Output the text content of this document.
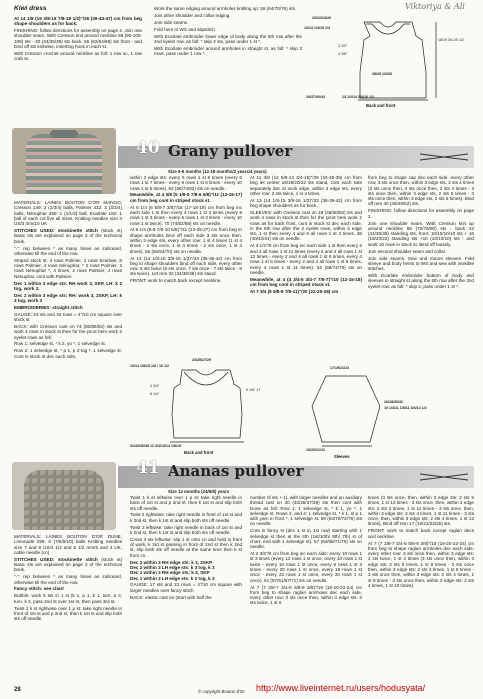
Kiwi dress	Viktoriya & Ali

At 14 1/8 (15 3/8-16 7/8-18 1/2)"/36 (39-43-47) cm from beg shape shoulders as for back.

FINISHING: follow directions for assembly on page 2. Join one shoulder seam. With Cresson knit around neckline 86 (90-100-108) sts - 30 (34/36/38) sts back, 56 (62/64/68) sts front - and bind off sts knitwise, inserting hook in each st.

With Cresson crochet around neckline as foll: 1 row sc, 1 row crab st.

Work the same edging around armholes knitting up: 58 (64/70/76) sts.

Join other shoulder and collar edging.

Join side seams.

Fold hem to WS and slipstitch.

With Ecarlate embroider lower edge of body along the 5th row after the 2nd eyelet row, as foll: * skip 2 sts, pass under 1 st *.

With Ecarlate embroider around armholes in straight st, as foll: * skip 3 rows, pass under 1 row *.

Back and front
20/22/24/26
12/13 1/4/15 1/4
3 1/2"
4 3/8"
18/19 3/4 20 1/2
28/29 1/2/33
34/37/40/43	13 1/2/14 3/4/16 1/2
40 Grany pullover
Size 6-9 months (12-18 months/2 years/4 years)

MATERIALS: LAINES BOUTON D'OR MANGO, Cresson 149: 2 (2/3/4) balls, Palmier 432: 3 (3/3/4) balls, Nénuphar 390: 1 (1/1/2) ball, Ecarlate 192: 1 ball of each col five all sizes. Knitting needles size 3 US/3 mm/10 UK

STITCHES USED: stockinette stitch (stock st) Basic sts are explained on page 2 of the technical book.

"-": rep between * as many times as indicated, otherwise till the end of the row.

Striped stock st: 4 rows Palmier, 2 rows Ecarlate, 8 rows Palmier, 4 rows Nénuphar, * 2 rows Palmier, 2 rows Nénuphar *, 4 times, 2 rows Palmier, 4 rows Nénuphar, cont with Palmier.

Dec 1 within 3 edge sts: RH work 3, SKP, LH: k 2 tog, work 3.

Dec 2 within 3 edge sts: RH: work 3, 2SKP, LH: k 3 tog, work 3

EMBROIDERIES: straight stitch

GAUGE: 24 sts and 34 rows = 4"/10 cm square over stock st

BACK: with Cresson cast on 74 (80/86/92) sts and work 4 rows in stock st then for the picot hem work 2 eyelet rows as foll:

Row 1: selvedge st, * k 2, yo *, 1 selvedge st.

Row 2: 1 selvedge st, * p 1, p 2 tog *, 1 selvedge st. Cont in stock st dec each side,

within 3 edge sts: every 6 rows 1 st 6 times (every 6 rows 1 st 7 times - every 8 rows 1 st 6 times - every 10 rows 1 st 5 times). 62 (66/74/82) sts on needle.

Meanwhile, at 4 3/8 (5 1/8-5 7/8-6 5/8)"/11 (13-15-17) cm from beg cont in striped stock st.

At 6 1/4 (6 5/8-7 3/8)"/16 (17-18-19) cm from beg inc each side 1 st then every 4 rows 1 st 3 times (every 6 rows 1 st 3 times - every 6 rows 1 st 3 times - every 10 rows 1 st twice). 70 (74/82/88) sts on needle.

At 8 1/4 (9-9 7/8-10 5/8)"/21 (23-25-27) cm from beg to shape armholes bind off each side 3 sts once then, within 3 edge sts, every other row: 1 st 4 times (1 st 4 times - 2 sts once, 1 st 4 times - 2 sts once, 1 st 4 times). 56 (60/64/70) sts on needle.

At 13 (14 1/8-15 3/8-16 1/2)"/33 (36-39-42) cm from beg to shape shoulders bind off each side, every other row: 6 sts twice (6 sts once, 7 sts once - 7 sts twice - 8 sts twice). Let rem 32 (34/36/38) sts stand.

FRONT: work to match back except neckline.

At 11 3/8 (12 5/8-13 3/4-15)"/29 (32-35-38) cm from beg let center 16/18/20/22 sts stand, cont each side separately dec at neck edge, within 3 edge sts, every other row: 2 sts twice, 1 st 4 times.

At 13 (14 1/8-15 3/8-16 1/2)"/33 (36-39-42) cm from beg shape shoulders as for back.

SLEEVES: with Cresson cast on 46 (48/50/52) sts and work 4 rows in stock st then for the picot hem work 2 rows as for back front, cont in stock st dec each side, in the 5th row after the 2 eyelet rows, within 3 edge sts, 1 st then every 4 and 6 all rows 1 st 3 times. 38 (40/42/44) sts on needle.

At 3 1/2"/9 cm from beg inc each side 1 st then every 2 and 4 all rows 1 st 11 times (every 2 and 4 all rows 1 st 13 times - every 2 and 4 all rows 1 st 9 times, every 4 rows 1 st 6 times - every 2 and 4 all rows 1 st 5 times, every 4 rows 1 st 11 times). 62 (68/74/78) sts on needle.

Meanwhile, at 4 (4 3/4-5 3/4-7 7/8-7)"/10 (12-15-18) cm from beg cont in striped stock st.

At 7 3/4 (8 5/8-9 7/8-11)"/20 (22-25-28) cm

from beg to shape cap dec each side, every other row, 3 sts once then, within 3 edge sts, 2 sts 4 times (3 sts once then, 4 sts once then, 2 sts 4 times - 3 sts once then, within 3 edge sts, 2 sts 5 times - 3 sts once then, within 3 edge sts, 2 sts 5 times). Bind off rem 40 (46/48/52) sts.

FINISHING: follow directions for assembly on page 2.

Join one shoulder seam. With Cresson knit up around neckline 68 (72/76/80) sts - back 32 (34/36/38) standing sts, front: 10/10/10/10 sts + 16 (18/20/22) standing sts +10 (10/10/10) sts - and work 10 rows in stock st. Bind off loosely.

Join second shoulder seam and collar.

Join side seams. Sew and mount sleeves. Fold sleeve and body hems to WS and sew with invisible stitches.

With Ecarlate embroider bottom of body and sleeves in straight st along the 5th row after the 2nd eyelet row, as foll: * skip 2, pass under 1 st *.

23/25/27/29
13/14 1/8/15 1/8 / 16 1/2
4 3/4"
6 1/4"
9 1/8" 17
31/33/36/38 12 3/4/13/14 1/8/15
Back and front
17/19/21/23
26/28/30/32
10 1/4/11 1/8/11 3/4/12 1/2
19/20/21/22
Sleeves
41 Ananas pullover
Size 12 months (24/6/8) years

MATERIALS: LAINES BOUTON D'OR DUNE, Limonade 299: 6 (7/8/9/10) balls Knitting needles size 7 and 9 US/4 1/2 and 5 1/2 mm/6 and 4 UK, cable needle (cn)

STITCHES USED: stockinette stitch (stock st) Basic sts are explained on page 2 of the technical book.

"-": rep between * as many times as indicated, otherwise till the end of the row.

Fancy stitch: see chart

Bobble: work 5 sts in 1 st (k 1, p 1, k 1, turn, p 3, turn, k 3, pass 2nd st over 1st st, then pass 3rd st.

Twist 1 k st rightwise over 1 p st: take right needle in front of 1st st and p 2nd st, then k 1st st and slip both sts off needle.

Twist 1 k st leftwise over 1 p st: take right needle in back of 1st st and p 2nd st, then k 1st st and slip both sts off needle.

Twist 2 rightwise: take right needle in front of 1st st and k 2nd st, then k 1st st and slip both sts off needle.

Twist 2 leftwise: take right needle in back of 1st st and k 2nd st, then k 1st st and slip both sts off needle.

Cross 3 sts leftwise: slip 1 st onto cn and hold in front of work, k 3rd st passing in front of 2nd st then k 2nd st, slip both sts off needle at the same time then k st from cn.

Dec 2 within 3 RH edge sts: k 3, 2SKP

Dec 2 within 3 LH edge sts: k 3 tog, k 3

Dec 1 within 3 RH edge sts: k 3, SKP

Dec 1 within 3 LH edge sts: k 2 tog, k 3

GAUGE: 17 sts and 21 rows = 4"/10 cm square with larger needles over fancy stitch

BACK: elastic cast on (start with half the

number of sts + 1). with larger needles and an auxiliary thread cast on 30 (33/36/37/39) sts then cont with Dune as foll: Row 1: 1 selvedge st, * k 1, yo *, 1 selvedge st. Rows 2, and 4: 1 selvedge st, * k 1, sl p 1 with yarn in front *, 1 selvedge st. 58 (64/70/72/76) sts on needle.

Cont in fancy st (dec 1 st in 1st row) starting with 1 selvedge st then at the 4th (1st/10th/ 9th/ 7th) st of chart, end with 1 selvedge st). 57 (63/69/71/75) sts on needle.

At 2 3/8"/6 cm from beg inc each side: every 10 rows 1 st 3 times (every 12 rows 1 st once, every 10 rows 1 st twice - every 10 rows 1 st once, every 8 rows 1 st 3 times - every 20 rows 1 st once, every 18 rows 1 st once - every 22 rows 1 st once, every 20 rows 1 st once). 51 (57/61/67/71) sts on needle.

At 7 (7 3/8-7 3/4-8 5/8-9 3/8)"/18 (19-20-22-24) cm from beg to shape raglan armholes dec each side, every other row: 3 sts once then, within 3 edge sts: 2 sts twice, 1 st 6

times (3 sts once, then, within 3 edge sts: 2 sts 5 times, 1 st 10 times - 3 sts once, then, within 3 edge sts: 2 sts 3 times, 1 st 11 times - 3 sts once, then, within 3 edge sts: 2 sts 4 times, 1 st 11 times - 3 sts once, then, within 3 edge sts: 2 sts 4 times, 1 st 12 times). Bind off rem 17 (19/21/23/25) sts.

FRONT: work to match back except raglan decs and neckline.

At 7 (7 3/8-7 3/4-8 5/8-9 3/8)"/18 (19-20-22-24) cm from beg to shape raglan armholes dec each side, every other row: 3 sts once then, within 3 edge sts: 2 sts twice, 1 st 4 times (3 sts once then, within 3 edge sts: 2 sts 5 times, 1 st 9 times - 3 sts once then, within 3 edge sts: 2 sts 3 times, 1 st 8 times - 3 sts once then, within 3 edge sts: 2 sts 4 times, 1 st 9 times - 3 sts once then, within 3 edge sts: 2 sts 4 times, 1 st 10 times).

28	© copyright Bouton d'Or http://www.liveinternet.ru/users/hodusyata/
